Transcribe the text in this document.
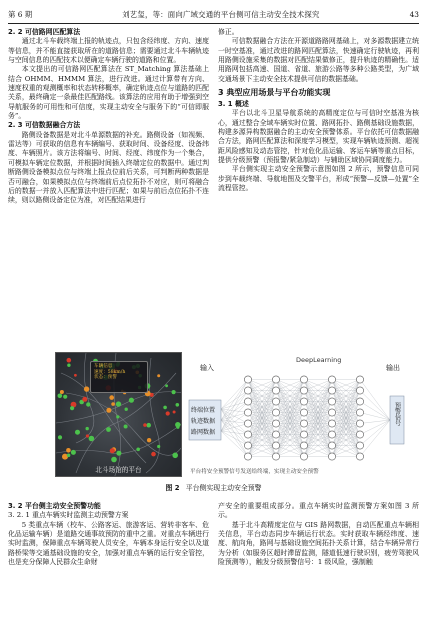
第 6 期	刘艺玺，等：面向广域交通的平台侧可信主动安全技术探究	43
2. 2 可信路网匹配算法

通过北斗车载终端上报的轨迹点，只包含经纬度、方向、速度等信息，并不能直接获取所在的道路信息；需要通过北斗车辆轨迹与空间信息的匹配技术以便确定车辆行驶的道路和位置。

本文提出的可信路网匹配算法在 ST_Matching 算法基础上结合 OHMM、HMMM 算法，进行改进。通过计算带有方向、速度权重的观测概率和状态转移概率，确定轨迹点位与道路的匹配关系，最终确定一条最佳匹配路线。该算法的应用有助于增强到空导航服务的可用性和可信度，实现主动安全与服务下的“可信即服务”。

2. 3 可信数据融合方法

路侧设备数据是对北斗单源数据的补充。路侧设备（如视频、雷达等）可获取的信息有车辆编号、获取时间、设备经度、设备纬度、车辆照片。该方法将编号、时间、经度、纬度作为一个集合，可模拟车辆定位数据，并根据时间插入终端定位的数据中。通过判断路侧设备模拟点位与终端上报点位前后关系，可判断两种数据是否可融合，如果模拟点位与终端前后点位拓扑不对应，则可将融合后的数据一并放入匹配算法中进行匹配；如果与前后点位拓扑不连续，则以路侧设备定位为准，对匹配结果进行

修正。

可信数据融合方法在开源道路路网基础上，对多源数据建立统一时空基准，通过改进的路网匹配算法，快速确定行驶轨迹，再利用路侧设施采集的数据对匹配结果做修正，提升轨迹的精确性。适用路网包括高速、国道、省道、旅游公路等多种公路类型，为广域交通场景下主动安全技术提供可信的数据基础。

3 典型应用场景与平台功能实现
3. 1 概述

平台以北斗卫星导航系统的高精度定位与可信时空基准为核心，通过整合全域车辆实时位置、路网拓扑、路侧基础设施数据，构建多源异构数据融合的主动安全预警体系。平台依托可信数据融合方法，路网匹配算法和深度学习模型，实现车辆轨迹预测、超视距风险感知及动态管控，针对危化品运输、客运车辆等重点目标，提供分级预警（预报警/紧急制动）与辅助区域协同调度能力。

平台侧实现主动安全预警示意图如图 2 所示，预警信息可同步到车载终端、导航地图及交警平台，形成“预警—反馈—处置”全流程管控。

车辆信息
速度：58km/h
状态：预警
北斗场馆的平台
DeepLearning
输入	输出
终端位置
轨迹数据
路网数据
预警信号
平台将安全预警信号发送给终端，实现主动安全预警
图 2 平台侧实现主动安全预警
3. 2 平台侧主动安全预警功能
3. 2. 1 重点车辆实时监测主动预警方案

5 类重点车辆（校车、公路客运、旅游客运、营转非客车、危化品运输车辆）是道路交通事故预防的重中之重。对重点车辆进行实时监测，保障重点车辆驾驶人员安全，车辆本身运行安全以及道路桥梁等交通基础设施的安全，加强对重点车辆的运行安全管控，也是充分保障人民群众生命财

产安全的重要组成部分。重点车辆实时监测预警方案如图 3 所示。

基于北斗高精度定位与 GIS 路网数据，自动匹配重点车辆相关信息，平台动态同步车辆运行状态。实时获取车辆经纬度、速度、航向角，路网与基础设施空间拓扑关系计算，结合车辆异常行为分析（如服务区超时滞留监测，隧道低速行驶识别，疲劳驾驶风险预测等），触发分级预警信号：1 级风险，强制触
